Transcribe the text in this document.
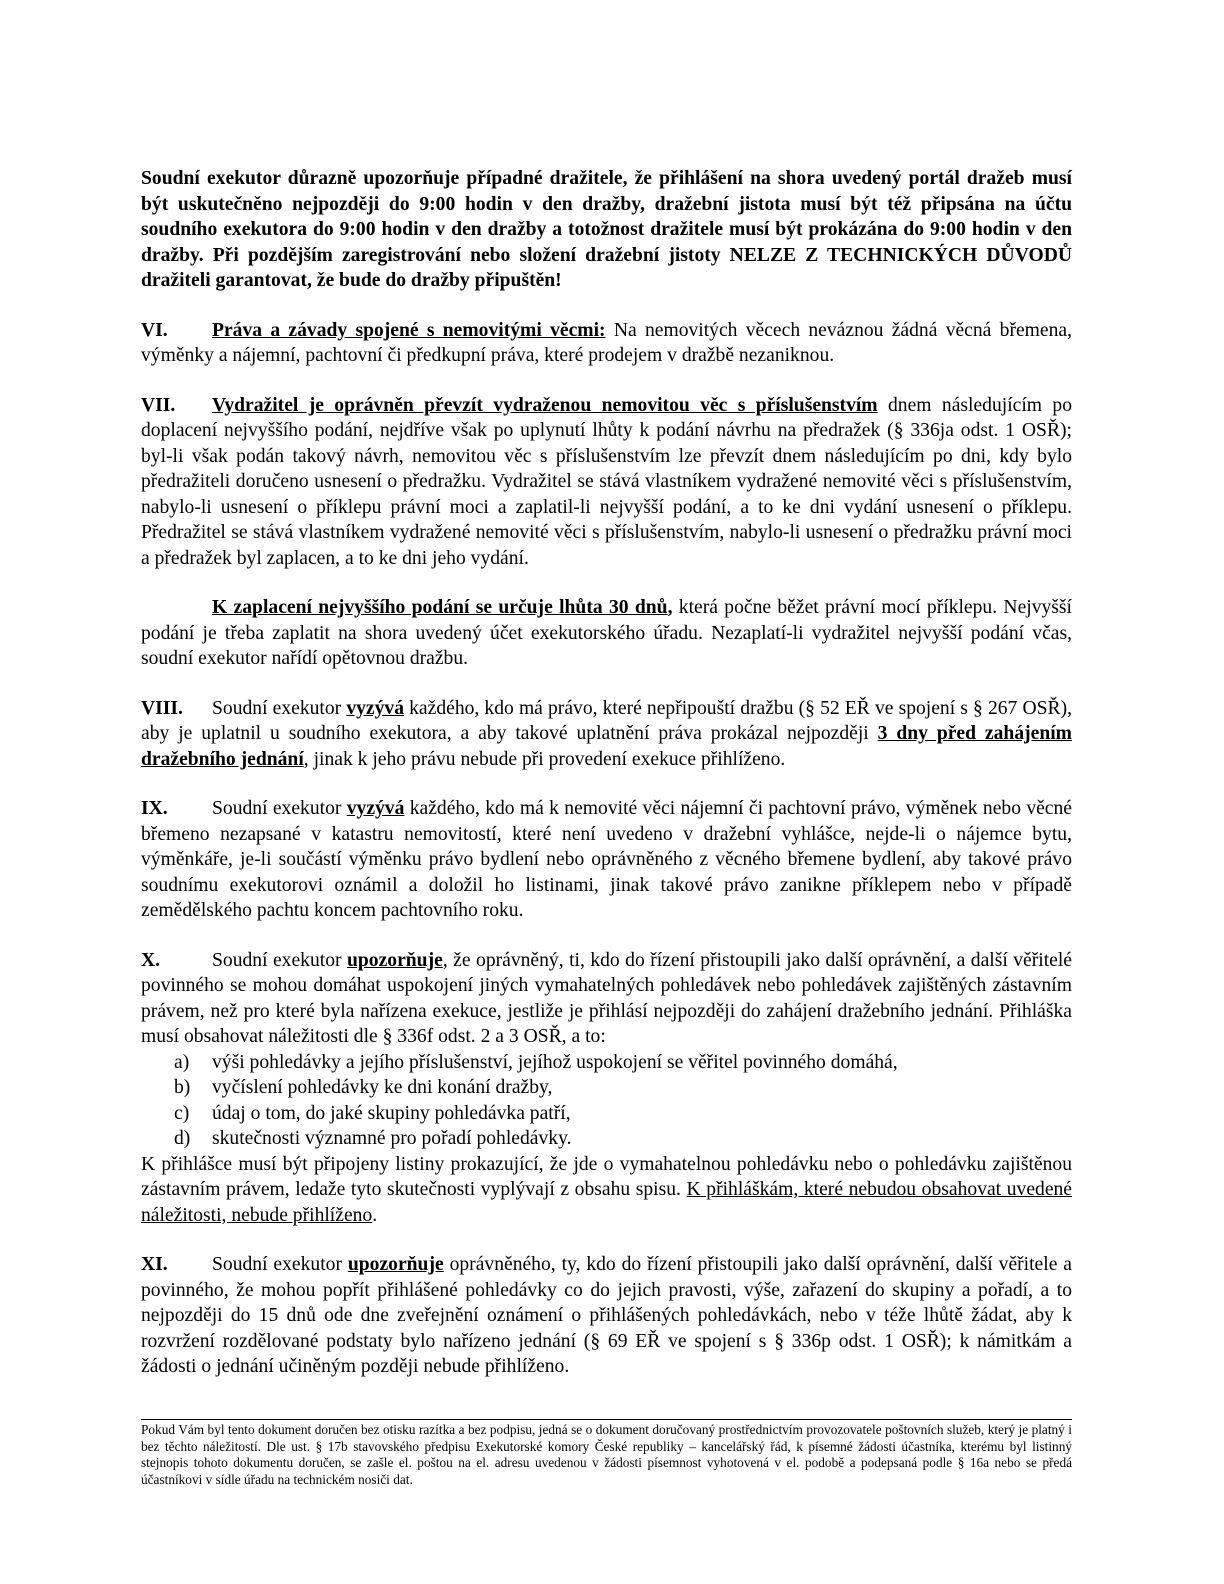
Soudní exekutor důrazně upozorňuje případné dražitele, že přihlášení na shora uvedený portál dražeb musí být uskutečněno nejpozději do 9:00 hodin v den dražby, dražební jistota musí být též připsána na účtu soudního exekutora do 9:00 hodin v den dražby a totožnost dražitele musí být prokázána do 9:00 hodin v den dražby. Při pozdějším zaregistrování nebo složení dražební jistoty NELZE Z TECHNICKÝCH DŮVODŮ dražiteli garantovat, že bude do dražby připuštěn!

VI. Práva a závady spojené s nemovitými věcmi: Na nemovitých věcech neváznou žádná věcná břemena, výměnky a nájemní, pachtovní či předkupní práva, které prodejem v dražbě nezaniknou.

VII. Vydražitel je oprávněn převzít vydraženou nemovitou věc s příslušenstvím dnem následujícím po doplacení nejvyššího podání, nejdříve však po uplynutí lhůty k podání návrhu na předražek (§ 336ja odst. 1 OSŘ); byl-li však podán takový návrh, nemovitou věc s příslušenstvím lze převzít dnem následujícím po dni, kdy bylo předražiteli doručeno usnesení o předražku. Vydražitel se stává vlastníkem vydražené nemovité věci s příslušenstvím, nabylo-li usnesení o příklepu právní moci a zaplatil-li nejvyšší podání, a to ke dni vydání usnesení o příklepu. Předražitel se stává vlastníkem vydražené nemovité věci s příslušenstvím, nabylo-li usnesení o předražku právní moci a předražek byl zaplacen, a to ke dni jeho vydání.

K zaplacení nejvyššího podání se určuje lhůta 30 dnů, která počne běžet právní mocí příklepu. Nejvyšší podání je třeba zaplatit na shora uvedený účet exekutorského úřadu. Nezaplatí-li vydražitel nejvyšší podání včas, soudní exekutor nařídí opětovnou dražbu.

VIII. Soudní exekutor vyzývá každého, kdo má právo, které nepřipouští dražbu (§ 52 EŘ ve spojení s § 267 OSŘ), aby je uplatnil u soudního exekutora, a aby takové uplatnění práva prokázal nejpozději 3 dny před zahájením dražebního jednání, jinak k jeho právu nebude při provedení exekuce přihlíženo.

IX. Soudní exekutor vyzývá každého, kdo má k nemovité věci nájemní či pachtovní právo, výměnek nebo věcné břemeno nezapsané v katastru nemovitostí, které není uvedeno v dražební vyhlášce, nejde-li o nájemce bytu, výměnkáře, je-li součástí výměnku právo bydlení nebo oprávněného z věcného břemene bydlení, aby takové právo soudnímu exekutorovi oznámil a doložil ho listinami, jinak takové právo zanikne příklepem nebo v případě zemědělského pachtu koncem pachtovního roku.

X.	Soudní exekutor upozorňuje, že oprávněný, ti, kdo do řízení přistoupili jako další oprávnění, a další věřitelé povinného se mohou domáhat uspokojení jiných vymahatelných pohledávek nebo pohledávek zajištěných zástavním právem, než pro které byla nařízena exekuce, jestliže je přihlásí nejpozději do zahájení dražebního jednání. Přihláška musí obsahovat náležitosti dle § 336f odst. 2 a 3 OSŘ, a to:

a)	výši pohledávky a jejího příslušenství, jejíhož uspokojení se věřitel povinného domáhá,
b)	vyčíslení pohledávky ke dni konání dražby,
c)	údaj o tom, do jaké skupiny pohledávka patří,
d)	skutečnosti významné pro pořadí pohledávky.

K přihlášce musí být připojeny listiny prokazující, že jde o vymahatelnou pohledávku nebo o pohledávku zajištěnou zástavním právem, ledaže tyto skutečnosti vyplývají z obsahu spisu. K přihláškám, které nebudou obsahovat uvedené náležitosti, nebude přihlíženo.

XI. Soudní exekutor upozorňuje oprávněného, ty, kdo do řízení přistoupili jako další oprávnění, další věřitele a povinného, že mohou popřít přihlášené pohledávky co do jejich pravosti, výše, zařazení do skupiny a pořadí, a to nejpozději do 15 dnů ode dne zveřejnění oznámení o přihlášených pohledávkách, nebo v téže lhůtě žádat, aby k rozvržení rozdělované podstaty bylo nařízeno jednání (§ 69 EŘ ve spojení s § 336p odst. 1 OSŘ); k námitkám a žádosti o jednání učiněným později nebude přihlíženo.

Pokud Vám byl tento dokument doručen bez otisku razítka a bez podpisu, jedná se o dokument doručovaný prostřednictvím provozovatele poštovních služeb, který je platný i bez těchto náležitostí. Dle ust. § 17b stavovského předpisu Exekutorské komory České republiky – kancelářský řád, k písemné žádosti účastníka, kterému byl listinný stejnopis tohoto dokumentu doručen, se zašle el. poštou na el. adresu uvedenou v žádosti písemnost vyhotovená v el. podobě a podepsaná podle § 16a nebo se předá účastníkovi v sídle úřadu na technickém nosiči dat.
